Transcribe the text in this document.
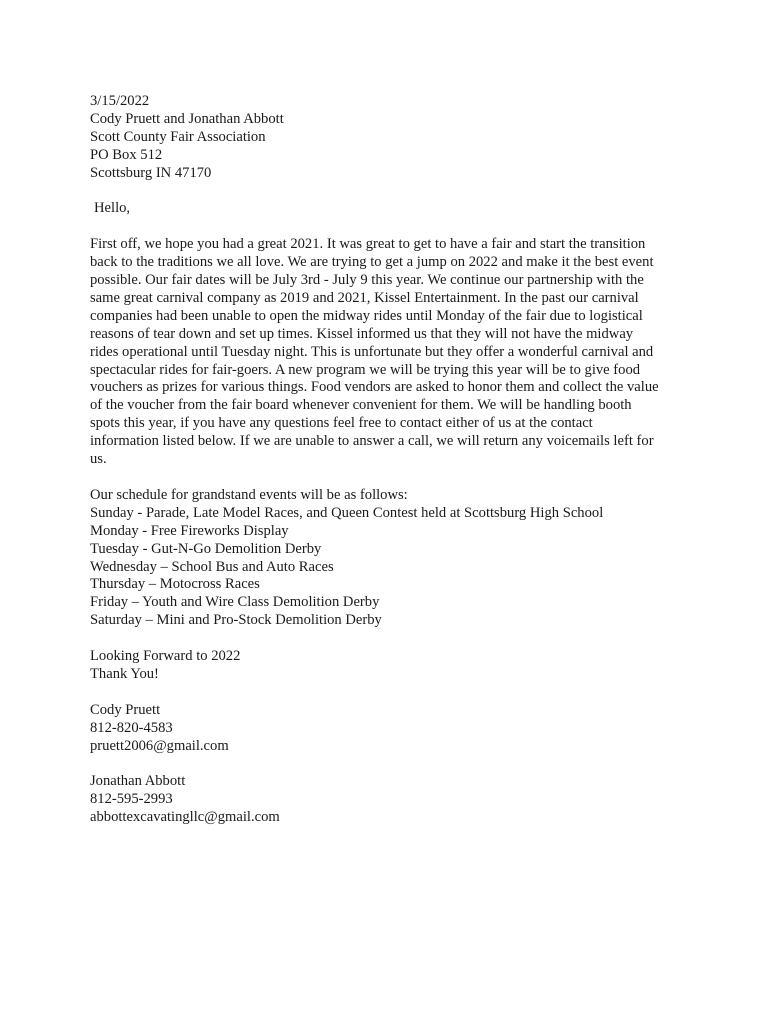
3/15/2022
Cody Pruett and Jonathan Abbott
Scott County Fair Association
PO Box 512
Scottsburg IN 47170
Hello,
First off, we hope you had a great 2021. It was great to get to have a fair and start the transition
back to the traditions we all love. We are trying to get a jump on 2022 and make it the best event
possible. Our fair dates will be July 3rd - July 9 this year. We continue our partnership with the
same great carnival company as 2019 and 2021, Kissel Entertainment. In the past our carnival
companies had been unable to open the midway rides until Monday of the fair due to logistical
reasons of tear down and set up times. Kissel informed us that they will not have the midway
rides operational until Tuesday night. This is unfortunate but they offer a wonderful carnival and
spectacular rides for fair-goers. A new program we will be trying this year will be to give food
vouchers as prizes for various things. Food vendors are asked to honor them and collect the value
of the voucher from the fair board whenever convenient for them. We will be handling booth
spots this year, if you have any questions feel free to contact either of us at the contact
information listed below. If we are unable to answer a call, we will return any voicemails left for
us.
Our schedule for grandstand events will be as follows:
Sunday - Parade, Late Model Races, and Queen Contest held at Scottsburg High School
Monday - Free Fireworks Display
Tuesday - Gut-N-Go Demolition Derby
Wednesday – School Bus and Auto Races
Thursday – Motocross Races
Friday – Youth and Wire Class Demolition Derby
Saturday – Mini and Pro-Stock Demolition Derby
Looking Forward to 2022
Thank You!
Cody Pruett
812-820-4583
pruett2006@gmail.com
Jonathan Abbott
812-595-2993
abbottexcavatingllc@gmail.com
